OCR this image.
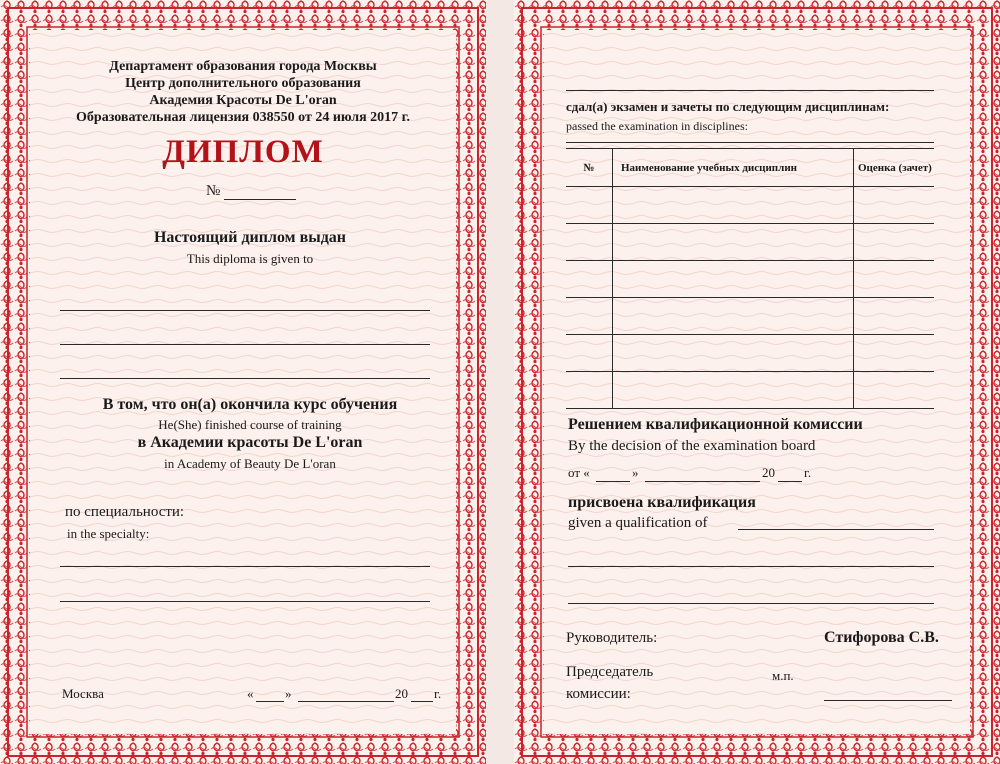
Департамент образования города Москвы
Центр дополнительного образования
Академия Красоты De L'oran
Образовательная лицензия 038550 от 24 июля 2017 г.
ДИПЛОМ
№
Настоящий диплом выдан
This diploma is given to
В том, что он(а) окончила курс обучения
He(She) finished course of training
в Академии красоты De L'oran
in Academy of Beauty De L'oran
по специальности:
in the specialty:
Москва	« »	20 г.
сдал(а) экзамен и зачеты по следующим дисциплинам:
passed the examination in disciplines:
№	Наименование учебных дисциплин	Оценка (зачет)

Решением квалификационной комиссии
By the decision of the examination board
от «	»	20 г.
присвоена квалификация
given a qualification of
Руководитель:	Стифорова С.В.
Председатель
комиссии:
м.п.
